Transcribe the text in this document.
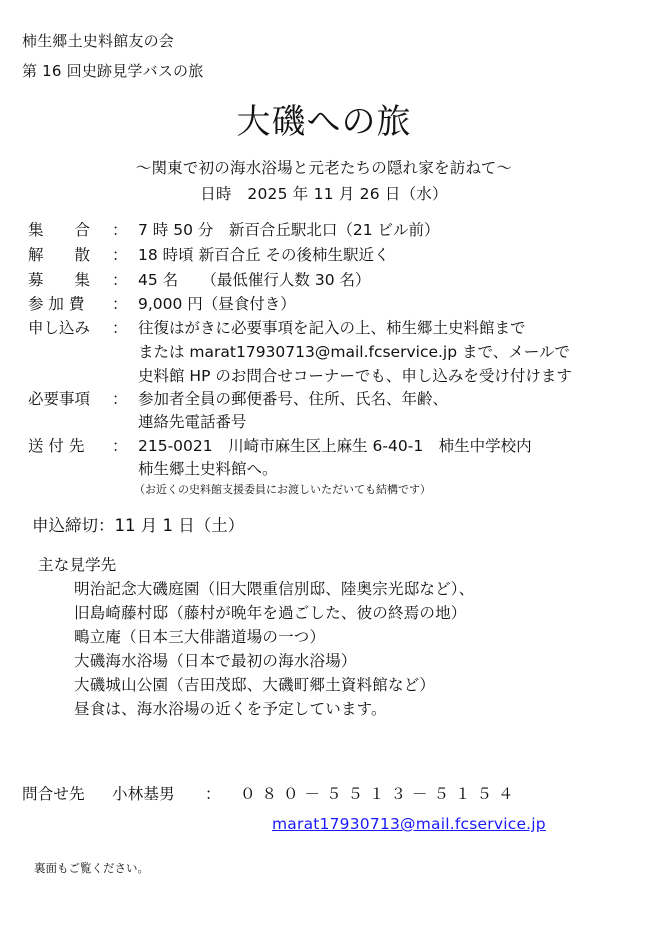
柿生郷土史料館友の会
第 16 回史跡見学バスの旅
大磯への旅
～関東で初の海水浴場と元老たちの隠れ家を訪ねて～
日時　2025 年 11 月 26 日（水）
集　　合 ： 7 時 50 分　新百合丘駅北口（21 ビル前）
解　　散 ： 18 時頃 新百合丘 その後柿生駅近く
募　　集 ： 45 名　　（最低催行人数 30 名）
参 加 費 ： 9,000 円（昼食付き）
申し込み ： 往復はがきに必要事項を記入の上、柿生郷土史料館まで
または marat17930713@mail.fcservice.jp まで、メールで
史料館 HP のお問合せコーナーでも、申し込みを受け付けます
必要事項 ： 参加者全員の郵便番号、住所、氏名、年齢、
連絡先電話番号
送 付 先 ： 215-0021　川崎市麻生区上麻生 6-40-1　柿生中学校内
柿生郷土史料館へ。
（お近くの史料館支援委員にお渡しいただいても結構です）
申込締切：11 月 1 日（土）
主な見学先
明治記念大磯庭園（旧大隈重信別邸、陸奥宗光邸など）、
旧島崎藤村邸（藤村が晩年を過ごした、彼の終焉の地）
鴫立庵（日本三大俳諧道場の一つ）
大磯海水浴場（日本で最初の海水浴場）
大磯城山公園（吉田茂邸、大磯町郷土資料館など）
昼食は、海水浴場の近くを予定しています。
問合せ先 小林基男 ： ０８０－５５１３－５１５４
marat17930713@mail.fcservice.jp
裏面もご覧ください。
